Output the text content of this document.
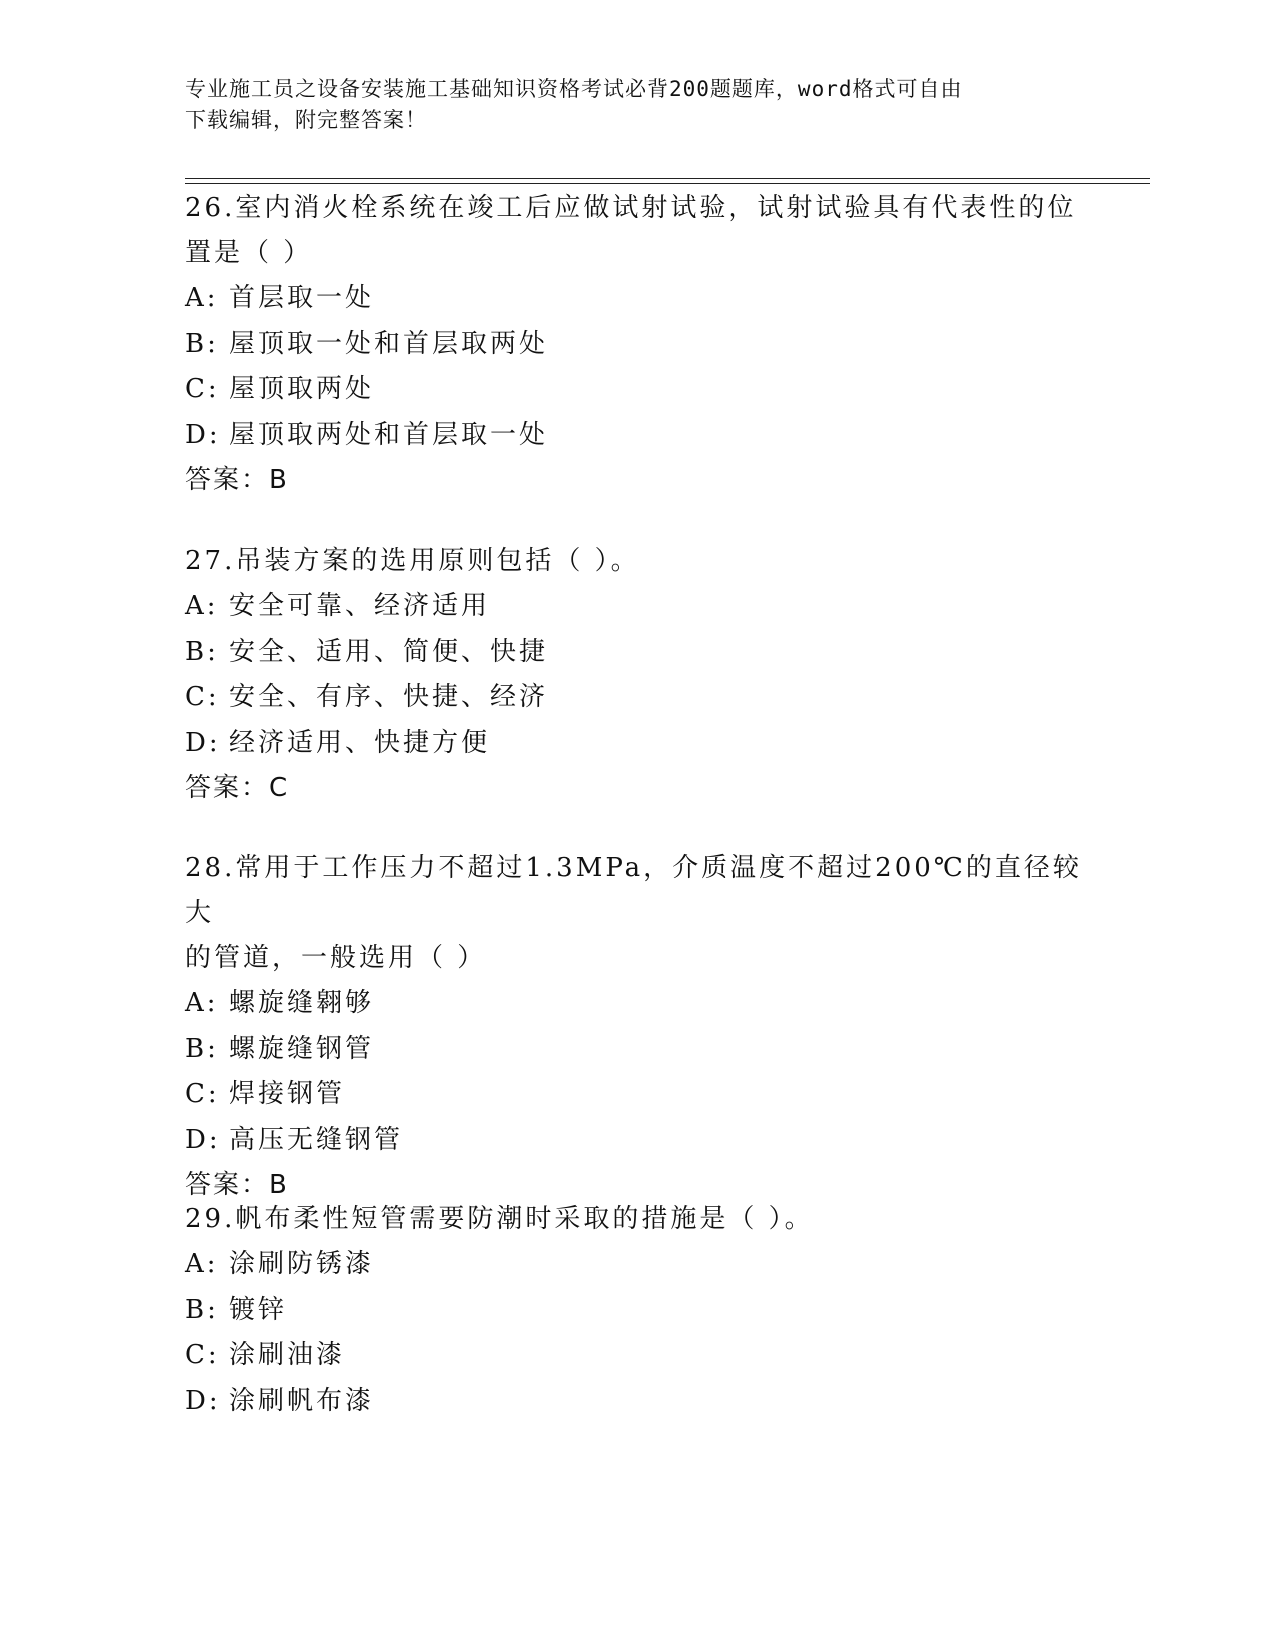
专业施工员之设备安装施工基础知识资格考试必背200题题库，word格式可自由
下载编辑，附完整答案！
26.室内消火栓系统在竣工后应做试射试验，试射试验具有代表性的位
置是（ ）
A: 首层取一处
B: 屋顶取一处和首层取两处
C: 屋顶取两处
D: 屋顶取两处和首层取一处
答案：B
27.吊装方案的选用原则包括（ ）。
A: 安全可靠、经济适用
B: 安全、适用、简便、快捷
C: 安全、有序、快捷、经济
D: 经济适用、快捷方便
答案：C
28.常用于工作压力不超过1.3MPa，介质温度不超过200℃的直径较大
的管道，一般选用（ ）
A: 螺旋缝翱够
B: 螺旋缝钢管
C: 焊接钢管
D: 高压无缝钢管
答案：B
29.帆布柔性短管需要防潮时采取的措施是（ ）。
A: 涂刷防锈漆
B: 镀锌
C: 涂刷油漆
D: 涂刷帆布漆
